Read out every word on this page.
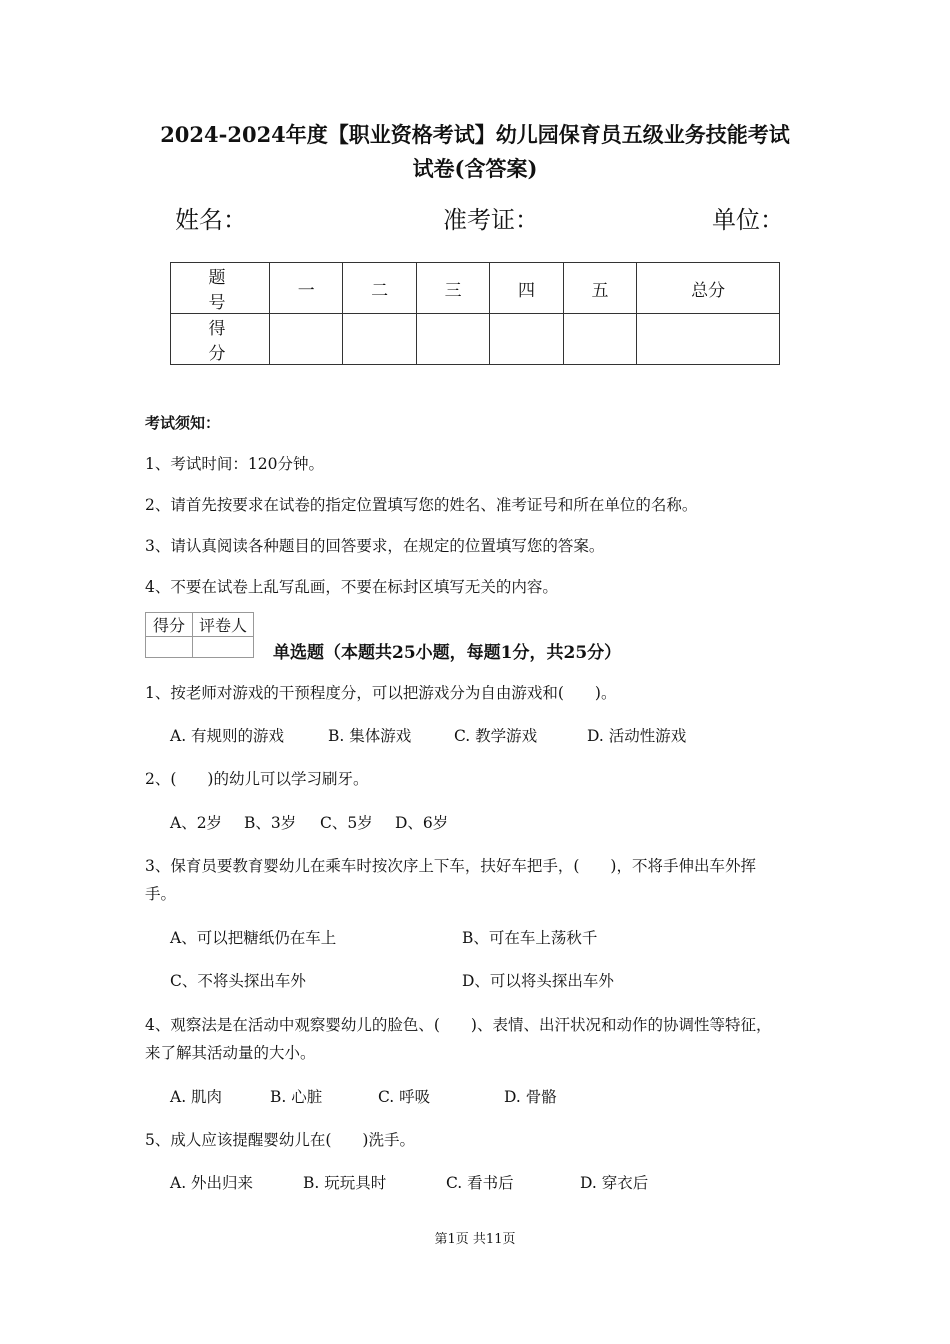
2024-2024年度【职业资格考试】幼儿园保育员五级业务技能考试
试卷(含答案)
姓名：	准考证：	单位：
题 号	一	二	三	四	五	总分
得 分						
考试须知：
1、考试时间：120分钟。
2、请首先按要求在试卷的指定位置填写您的姓名、准考证号和所在单位的名称。
3、请认真阅读各种题目的回答要求，在规定的位置填写您的答案。
4、不要在试卷上乱写乱画，不要在标封区填写无关的内容。
得分	评卷人

单选题（本题共25小题，每题1分，共25分）
1、按老师对游戏的干预程度分，可以把游戏分为自由游戏和(　　)。
A. 有规则的游戏	B. 集体游戏	C. 教学游戏	D. 活动性游戏
2、(　　)的幼儿可以学习刷牙。
A、2岁 B、3岁 C、5岁 D、6岁
3、保育员要教育婴幼儿在乘车时按次序上下车，扶好车把手，(　　)，不将手伸出车外挥
手。
A、可以把糖纸仍在车上	B、可在车上荡秋千
C、不将头探出车外	D、可以将头探出车外
4、观察法是在活动中观察婴幼儿的脸色、(　　)、表情、出汗状况和动作的协调性等特征，
来了解其活动量的大小。
A. 肌肉	B. 心脏	C. 呼吸	D. 骨骼
5、成人应该提醒婴幼儿在(　　)洗手。
A. 外出归来	B. 玩玩具时	C. 看书后	D. 穿衣后
第1页 共11页
